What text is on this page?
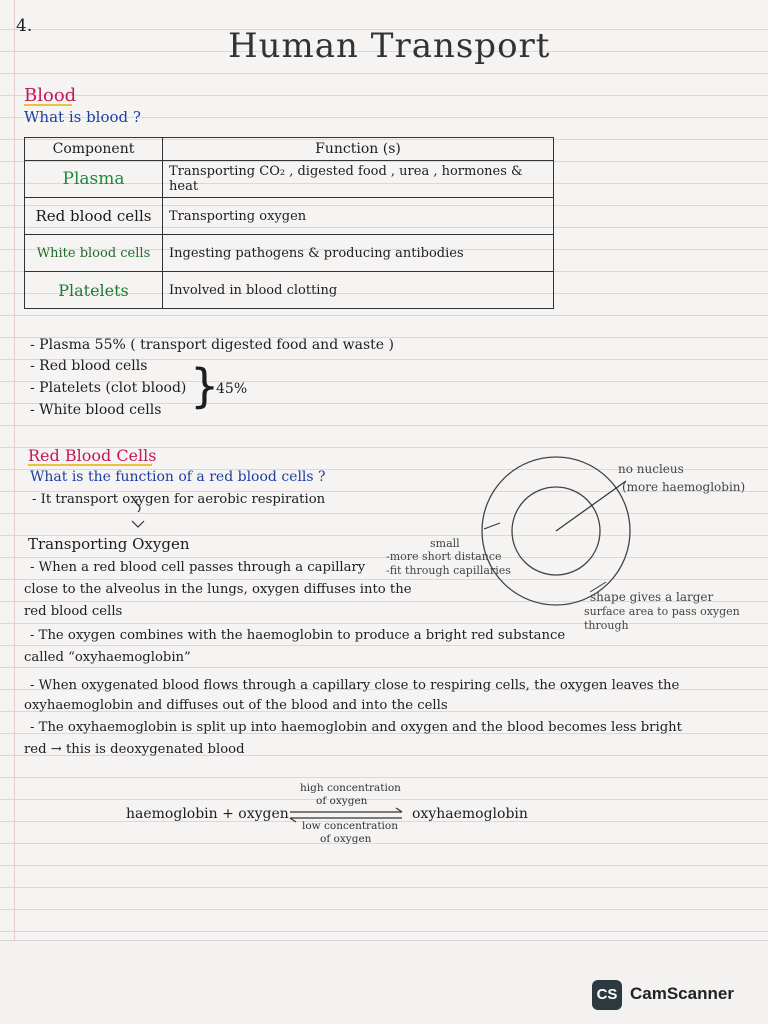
4.	Human Transport
Blood
What is blood ?
Component	Function (s)
Plasma	Transporting CO₂ , digested food , urea , hormones & heat
Red blood cells	Transporting oxygen
White blood cells	Ingesting pathogens & producing antibodies
Platelets	Involved in blood clotting
- Plasma 55% ( transport digested food and waste )
- Red blood cells
- Platelets (clot blood)
- White blood cells }
45%
Red Blood Cells
What is the function of a red blood cells ?
- It transport oxygen for aerobic respiration
Transporting Oxygen
- When a red blood cell passes through a capillary
close to the alveolus in the lungs, oxygen diffuses into the
red blood cells
- The oxygen combines with the haemoglobin to produce a bright red substance
called “oxyhaemoglobin”
- When oxygenated blood flows through a capillary close to respiring cells, the oxygen leaves the
oxyhaemoglobin and diffuses out of the blood and into the cells
- The oxyhaemoglobin is split up into haemoglobin and oxygen and the blood becomes less bright
red → this is deoxygenated blood
no nucleus
(more haemoglobin)
small
-more short distance
-fit through capillaries
shape gives a larger
surface area to pass oxygen
through
haemoglobin + oxygen	oxyhaemoglobin
high concentration
of oxygen
low concentration
of oxygen
CS CamScanner
